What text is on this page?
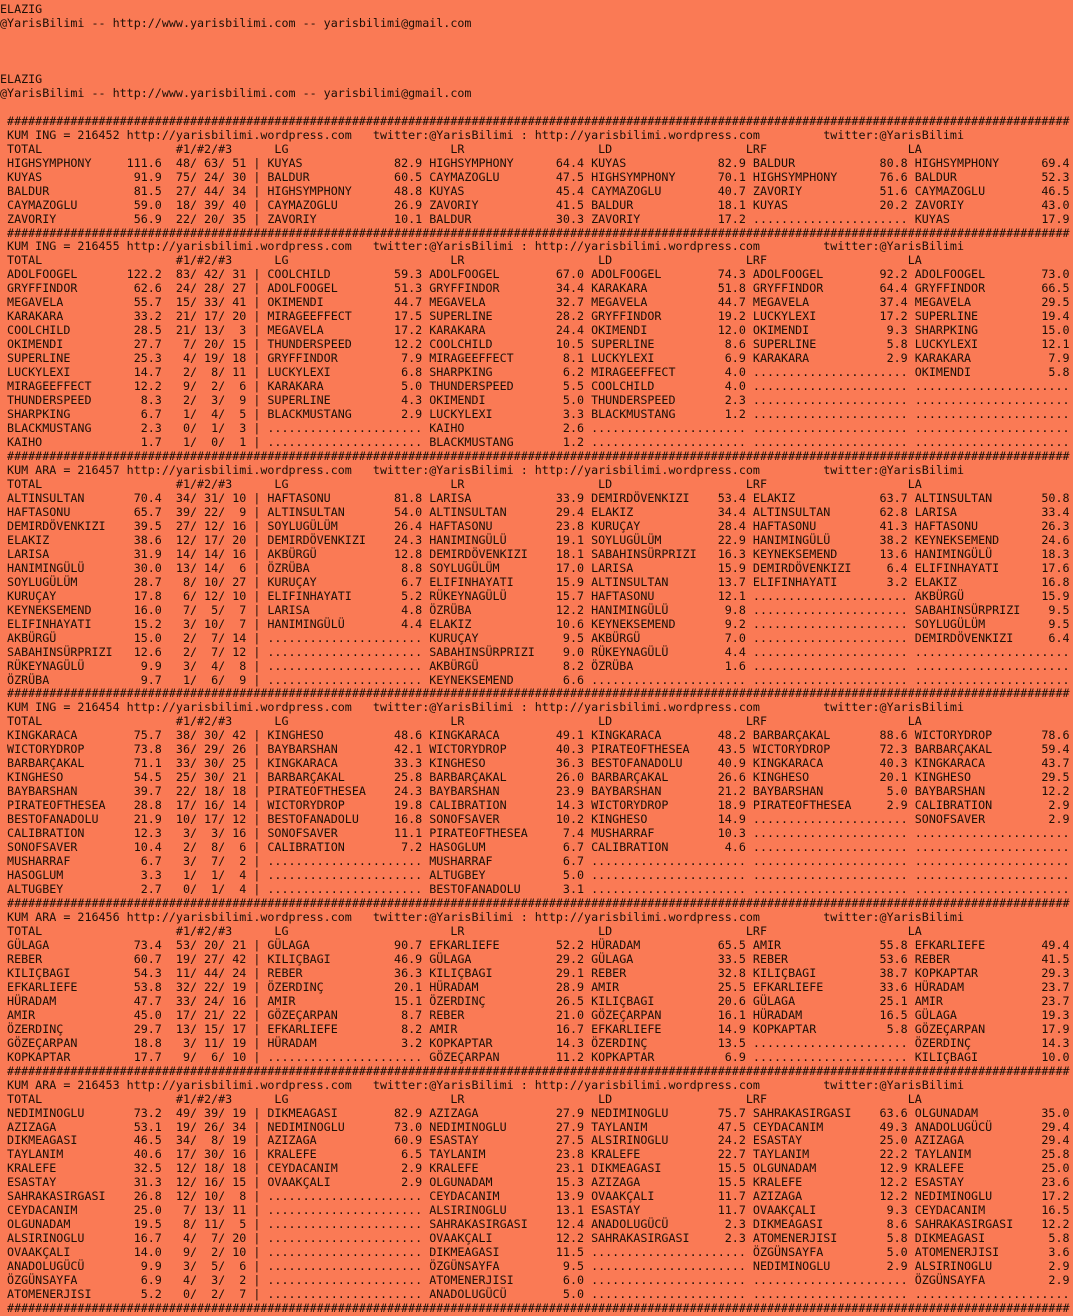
ELAZIG
@YarisBilimi -- http://www.yarisbilimi.com -- yarisbilimi@gmail.com
ELAZIG
@YarisBilimi -- http://www.yarisbilimi.com -- yarisbilimi@gmail.com
#######################################################################################################################################################
KUM ING = 216452 http://yarisbilimi.wordpress.com   twitter:@YarisBilimi : http://yarisbilimi.wordpress.com         twitter:@YarisBilimi
TOTAL                   #1/#2/#3      LG                       LR                   LD                   LRF                    LA
HIGHSYMPHONY     111.6  48/ 63/ 51 | KUYAS             82.9 HIGHSYMPHONY      64.4 KUYAS             82.9 BALDUR            80.8 HIGHSYMPHONY      69.4
KUYAS             91.9  75/ 24/ 30 | BALDUR            60.5 CAYMAZOGLU        47.5 HIGHSYMPHONY      70.1 HIGHSYMPHONY      76.6 BALDUR            52.3
BALDUR            81.5  27/ 44/ 34 | HIGHSYMPHONY      48.8 KUYAS             45.4 CAYMAZOGLU        40.7 ZAVORIY           51.6 CAYMAZOGLU        46.5
CAYMAZOGLU        59.0  18/ 39/ 40 | CAYMAZOGLU        26.9 ZAVORIY           41.5 BALDUR            18.1 KUYAS             20.2 ZAVORIY           43.0
ZAVORIY           56.9  22/ 20/ 35 | ZAVORIY           10.1 BALDUR            30.3 ZAVORIY           17.2 ...................... KUYAS             17.9
#######################################################################################################################################################
KUM ING = 216455 http://yarisbilimi.wordpress.com   twitter:@YarisBilimi : http://yarisbilimi.wordpress.com         twitter:@YarisBilimi
TOTAL                   #1/#2/#3      LG                       LR                   LD                   LRF                    LA
ADOLFOOGEL       122.2  83/ 42/ 31 | COOLCHILD         59.3 ADOLFOOGEL        67.0 ADOLFOOGEL        74.3 ADOLFOOGEL        92.2 ADOLFOOGEL        73.0
GRYFFINDOR        62.6  24/ 28/ 27 | ADOLFOOGEL        51.3 GRYFFINDOR        34.4 KARAKARA          51.8 GRYFFINDOR        64.4 GRYFFINDOR        66.5
MEGAVELA          55.7  15/ 33/ 41 | OKIMENDI          44.7 MEGAVELA          32.7 MEGAVELA          44.7 MEGAVELA          37.4 MEGAVELA          29.5
KARAKARA          33.2  21/ 17/ 20 | MIRAGEEFFECT      17.5 SUPERLINE         28.2 GRYFFINDOR        19.2 LUCKYLEXI         17.2 SUPERLINE         19.4
COOLCHILD         28.5  21/ 13/  3 | MEGAVELA          17.2 KARAKARA          24.4 OKIMENDI          12.0 OKIMENDI           9.3 SHARPKING         15.0
OKIMENDI          27.7   7/ 20/ 15 | THUNDERSPEED      12.2 COOLCHILD         10.5 SUPERLINE          8.6 SUPERLINE          5.8 LUCKYLEXI         12.1
SUPERLINE         25.3   4/ 19/ 18 | GRYFFINDOR         7.9 MIRAGEEFFECT       8.1 LUCKYLEXI          6.9 KARAKARA           2.9 KARAKARA           7.9
LUCKYLEXI         14.7   2/  8/ 11 | LUCKYLEXI          6.8 SHARPKING          6.2 MIRAGEEFFECT       4.0 ...................... OKIMENDI           5.8
MIRAGEEFFECT      12.2   9/  2/  6 | KARAKARA           5.0 THUNDERSPEED       5.5 COOLCHILD          4.0 ...................... ......................
THUNDERSPEED       8.3   2/  3/  9 | SUPERLINE          4.3 OKIMENDI           5.0 THUNDERSPEED       2.3 ...................... ......................
SHARPKING          6.7   1/  4/  5 | BLACKMUSTANG       2.9 LUCKYLEXI          3.3 BLACKMUSTANG       1.2 ...................... ......................
BLACKMUSTANG       2.3   0/  1/  3 | ...................... KAIHO              2.6 ...................... ...................... ......................
KAIHO              1.7   1/  0/  1 | ...................... BLACKMUSTANG       1.2 ...................... ...................... ......................
#######################################################################################################################################################
KUM ARA = 216457 http://yarisbilimi.wordpress.com   twitter:@YarisBilimi : http://yarisbilimi.wordpress.com         twitter:@YarisBilimi
TOTAL                   #1/#2/#3      LG                       LR                   LD                   LRF                    LA
ALTINSULTAN       70.4  34/ 31/ 10 | HAFTASONU         81.8 LARISA            33.9 DEMIRDÖVENKIZI    53.4 ELAKIZ            63.7 ALTINSULTAN       50.8
HAFTASONU         65.7  39/ 22/  9 | ALTINSULTAN       54.0 ALTINSULTAN       29.4 ELAKIZ            34.4 ALTINSULTAN       62.8 LARISA            33.4
DEMIRDÖVENKIZI    39.5  27/ 12/ 16 | SOYLUGÜLÜM        26.4 HAFTASONU         23.8 KURUÇAY           28.4 HAFTASONU         41.3 HAFTASONU         26.3
ELAKIZ            38.6  12/ 17/ 20 | DEMIRDÖVENKIZI    24.3 HANIMINGÜLÜ       19.1 SOYLUGÜLÜM        22.9 HANIMINGÜLÜ       38.2 KEYNEKSEMEND      24.6
LARISA            31.9  14/ 14/ 16 | AKBÜRGÜ           12.8 DEMIRDÖVENKIZI    18.1 SABAHINSÜRPRIZI   16.3 KEYNEKSEMEND      13.6 HANIMINGÜLÜ       18.3
HANIMINGÜLÜ       30.0  13/ 14/  6 | ÖZRÜBA             8.8 SOYLUGÜLÜM        17.0 LARISA            15.9 DEMIRDÖVENKIZI     6.4 ELIFINHAYATI      17.6
SOYLUGÜLÜM        28.7   8/ 10/ 27 | KURUÇAY            6.7 ELIFINHAYATI      15.9 ALTINSULTAN       13.7 ELIFINHAYATI       3.2 ELAKIZ            16.8
KURUÇAY           17.8   6/ 12/ 10 | ELIFINHAYATI       5.2 RÜKEYNAGÜLÜ       15.7 HAFTASONU         12.1 ...................... AKBÜRGÜ           15.9
KEYNEKSEMEND      16.0   7/  5/  7 | LARISA             4.8 ÖZRÜBA            12.2 HANIMINGÜLÜ        9.8 ...................... SABAHINSÜRPRIZI    9.5
ELIFINHAYATI      15.2   3/ 10/  7 | HANIMINGÜLÜ        4.4 ELAKIZ            10.6 KEYNEKSEMEND       9.2 ...................... SOYLUGÜLÜM         9.5
AKBÜRGÜ           15.0   2/  7/ 14 | ...................... KURUÇAY            9.5 AKBÜRGÜ            7.0 ...................... DEMIRDÖVENKIZI     6.4
SABAHINSÜRPRIZI   12.6   2/  7/ 12 | ...................... SABAHINSÜRPRIZI    9.0 RÜKEYNAGÜLÜ        4.4 ...................... ......................
RÜKEYNAGÜLÜ        9.9   3/  4/  8 | ...................... AKBÜRGÜ            8.2 ÖZRÜBA             1.6 ...................... ......................
ÖZRÜBA             9.7   1/  6/  9 | ...................... KEYNEKSEMEND       6.6 ...................... ...................... ......................
#######################################################################################################################################################
KUM ING = 216454 http://yarisbilimi.wordpress.com   twitter:@YarisBilimi : http://yarisbilimi.wordpress.com         twitter:@YarisBilimi
TOTAL                   #1/#2/#3      LG                       LR                   LD                   LRF                    LA
KINGKARACA        75.7  38/ 30/ 42 | KINGHESO          48.6 KINGKARACA        49.1 KINGKARACA        48.2 BARBARÇAKAL       88.6 WICTORYDROP       78.6
WICTORYDROP       73.8  36/ 29/ 26 | BAYBARSHAN        42.1 WICTORYDROP       40.3 PIRATEOFTHESEA    43.5 WICTORYDROP       72.3 BARBARÇAKAL       59.4
BARBARÇAKAL       71.1  33/ 30/ 25 | KINGKARACA        33.3 KINGHESO          36.3 BESTOFANADOLU     40.9 KINGKARACA        40.3 KINGKARACA        43.7
KINGHESO          54.5  25/ 30/ 21 | BARBARÇAKAL       25.8 BARBARÇAKAL       26.0 BARBARÇAKAL       26.6 KINGHESO          20.1 KINGHESO          29.5
BAYBARSHAN        39.7  22/ 18/ 18 | PIRATEOFTHESEA    24.3 BAYBARSHAN        23.9 BAYBARSHAN        21.2 BAYBARSHAN         5.0 BAYBARSHAN        12.2
PIRATEOFTHESEA    28.8  17/ 16/ 14 | WICTORYDROP       19.8 CALIBRATION       14.3 WICTORYDROP       18.9 PIRATEOFTHESEA     2.9 CALIBRATION        2.9
BESTOFANADOLU     21.9  10/ 17/ 12 | BESTOFANADOLU     16.8 SONOFSAVER        10.2 KINGHESO          14.9 ...................... SONOFSAVER         2.9
CALIBRATION       12.3   3/  3/ 16 | SONOFSAVER        11.1 PIRATEOFTHESEA     7.4 MUSHARRAF         10.3 ...................... ......................
SONOFSAVER        10.4   2/  8/  6 | CALIBRATION        7.2 HASOGLUM           6.7 CALIBRATION        4.6 ...................... ......................
MUSHARRAF          6.7   3/  7/  2 | ...................... MUSHARRAF          6.7 ...................... ...................... ......................
HASOGLUM           3.3   1/  1/  4 | ...................... ALTUGBEY           5.0 ...................... ...................... ......................
ALTUGBEY           2.7   0/  1/  4 | ...................... BESTOFANADOLU      3.1 ...................... ...................... ......................
#######################################################################################################################################################
KUM ARA = 216456 http://yarisbilimi.wordpress.com   twitter:@YarisBilimi : http://yarisbilimi.wordpress.com         twitter:@YarisBilimi
TOTAL                   #1/#2/#3      LG                       LR                   LD                   LRF                    LA
GÜLAGA            73.4  53/ 20/ 21 | GÜLAGA            90.7 EFKARLIEFE        52.2 HÜRADAM           65.5 AMIR              55.8 EFKARLIEFE        49.4
REBER             60.7  19/ 27/ 42 | KILIÇBAGI         46.9 GÜLAGA            29.2 GÜLAGA            33.5 REBER             53.6 REBER             41.5
KILIÇBAGI         54.3  11/ 44/ 24 | REBER             36.3 KILIÇBAGI         29.1 REBER             32.8 KILIÇBAGI         38.7 KOPKAPTAR         29.3
EFKARLIEFE        53.8  32/ 22/ 19 | ÖZERDINÇ          20.1 HÜRADAM           28.9 AMIR              25.5 EFKARLIEFE        33.6 HÜRADAM           23.7
HÜRADAM           47.7  33/ 24/ 16 | AMIR              15.1 ÖZERDINÇ          26.5 KILIÇBAGI         20.6 GÜLAGA            25.1 AMIR              23.7
AMIR              45.0  17/ 21/ 22 | GÖZEÇARPAN         8.7 REBER             21.0 GÖZEÇARPAN        16.1 HÜRADAM           16.5 GÜLAGA            19.3
ÖZERDINÇ          29.7  13/ 15/ 17 | EFKARLIEFE         8.2 AMIR              16.7 EFKARLIEFE        14.9 KOPKAPTAR          5.8 GÖZEÇARPAN        17.9
GÖZEÇARPAN        18.8   3/ 11/ 19 | HÜRADAM            3.2 KOPKAPTAR         14.3 ÖZERDINÇ          13.5 ...................... ÖZERDINÇ          14.3
KOPKAPTAR         17.7   9/  6/ 10 | ...................... GÖZEÇARPAN        11.2 KOPKAPTAR          6.9 ...................... KILIÇBAGI         10.0
#######################################################################################################################################################
KUM ARA = 216453 http://yarisbilimi.wordpress.com   twitter:@YarisBilimi : http://yarisbilimi.wordpress.com         twitter:@YarisBilimi
TOTAL                   #1/#2/#3      LG                       LR                   LD                   LRF                    LA
NEDIMINOGLU       73.2  49/ 39/ 19 | DIKMEAGASI        82.9 AZIZAGA           27.9 NEDIMINOGLU       75.7 SAHRAKASIRGASI    63.6 OLGUNADAM         35.0
AZIZAGA           53.1  19/ 26/ 34 | NEDIMINOGLU       73.0 NEDIMINOGLU       27.9 TAYLANIM          47.5 CEYDACANIM        49.3 ANADOLUGÜCÜ       29.4
DIKMEAGASI        46.5  34/  8/ 19 | AZIZAGA           60.9 ESASTAY           27.5 ALSIRINOGLU       24.2 ESASTAY           25.0 AZIZAGA           29.4
TAYLANIM          40.6  17/ 30/ 16 | KRALEFE            6.5 TAYLANIM          23.8 KRALEFE           22.7 TAYLANIM          22.2 TAYLANIM          25.8
KRALEFE           32.5  12/ 18/ 18 | CEYDACANIM         2.9 KRALEFE           23.1 DIKMEAGASI        15.5 OLGUNADAM         12.9 KRALEFE           25.0
ESASTAY           31.3  12/ 16/ 15 | OVAAKÇALI          2.9 OLGUNADAM         15.3 AZIZAGA           15.5 KRALEFE           12.2 ESASTAY           23.6
SAHRAKASIRGASI    26.8  12/ 10/  8 | ...................... CEYDACANIM        13.9 OVAAKÇALI         11.7 AZIZAGA           12.2 NEDIMINOGLU       17.2
CEYDACANIM        25.0   7/ 13/ 11 | ...................... ALSIRINOGLU       13.1 ESASTAY           11.7 OVAAKÇALI          9.3 CEYDACANIM        16.5
OLGUNADAM         19.5   8/ 11/  5 | ...................... SAHRAKASIRGASI    12.4 ANADOLUGÜCÜ        2.3 DIKMEAGASI         8.6 SAHRAKASIRGASI    12.2
ALSIRINOGLU       16.7   4/  7/ 20 | ...................... OVAAKÇALI         12.2 SAHRAKASIRGASI     2.3 ATOMENERJISI       5.8 DIKMEAGASI         5.8
OVAAKÇALI         14.0   9/  2/ 10 | ...................... DIKMEAGASI        11.5 ...................... ÖZGÜNSAYFA         5.0 ATOMENERJISI       3.6
ANADOLUGÜCÜ        9.9   3/  5/  6 | ...................... ÖZGÜNSAYFA         9.5 ...................... NEDIMINOGLU        2.9 ALSIRINOGLU        2.9
ÖZGÜNSAYFA         6.9   4/  3/  2 | ...................... ATOMENERJISI       6.0 ...................... ...................... ÖZGÜNSAYFA         2.9
ATOMENERJISI       5.2   0/  2/  7 | ...................... ANADOLUGÜCÜ        5.0 ...................... ...................... ......................
#######################################################################################################################################################
